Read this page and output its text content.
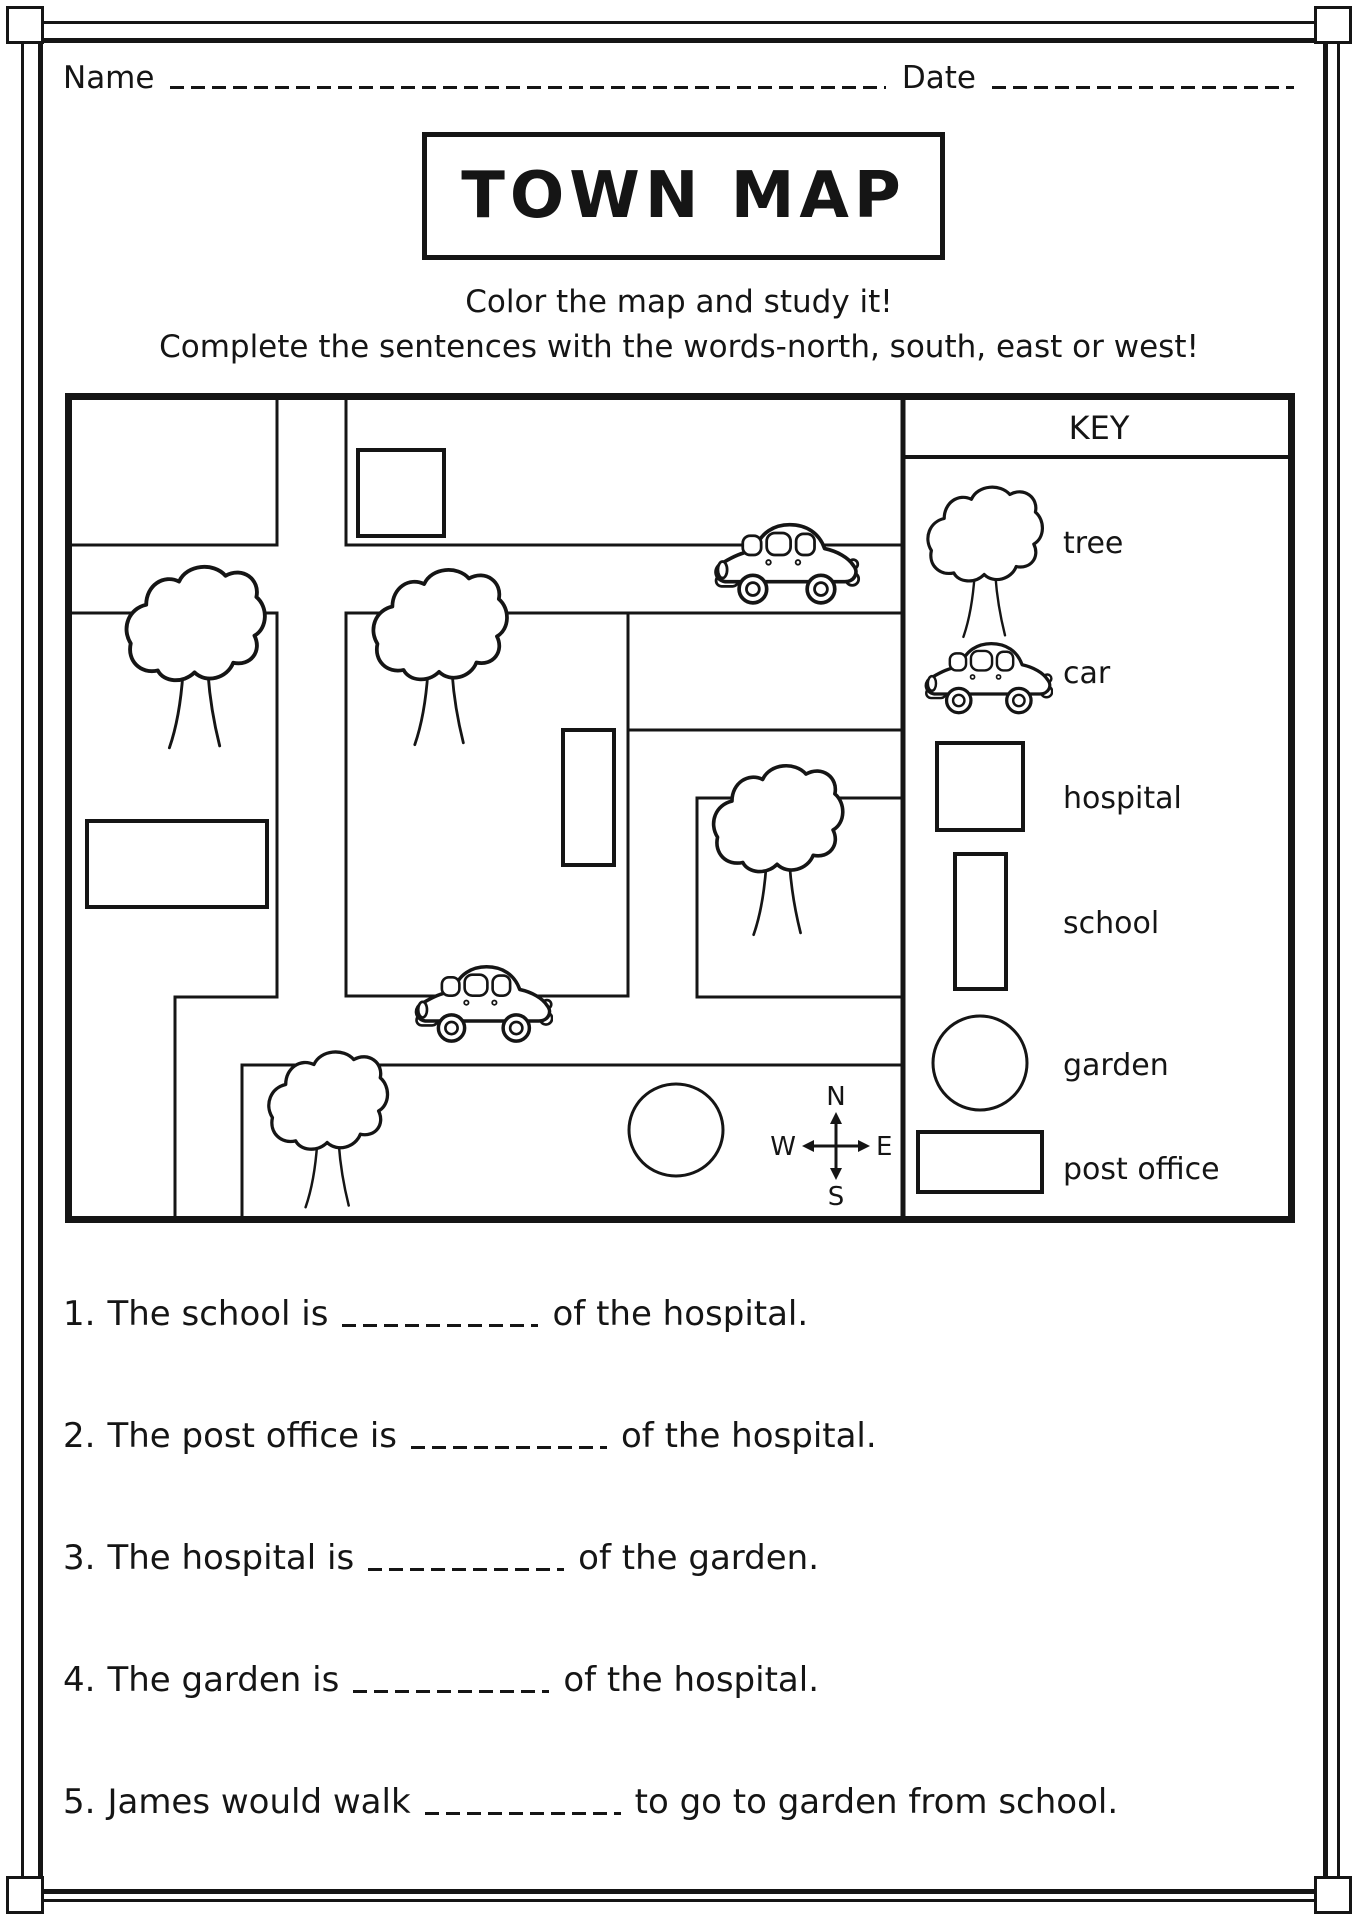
Name	Date
TOWN MAP
Color the map and study it!
Complete the sentences with the words-north, south, east or west!
N
S
W	E
KEY
tree
car
hospital
school
garden
post office
1. The school is	of the hospital.
2. The post office is	of the hospital.
3. The hospital is	of the garden.
4. The garden is	of the hospital.
5. James would walk	to go to garden from school.
